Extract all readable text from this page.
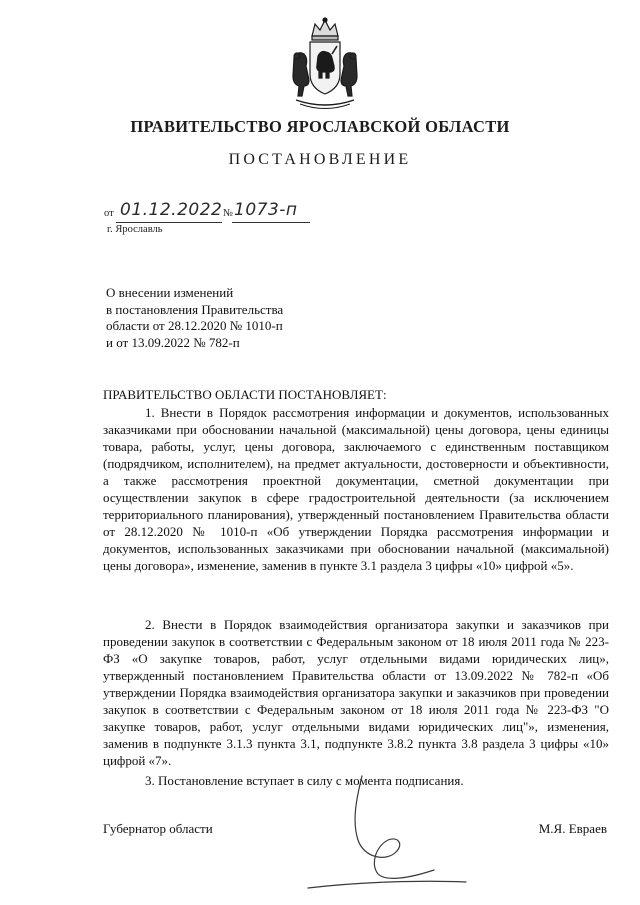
ПРАВИТЕЛЬСТВО ЯРОСЛАВСКОЙ ОБЛАСТИ
ПОСТАНОВЛЕНИЕ
от 01.12.2022 № 1073-п
г. Ярославль
О внесении изменений
в постановления Правительства
области от 28.12.2020 № 1010-п
и от 13.09.2022 № 782-п
ПРАВИТЕЛЬСТВО ОБЛАСТИ ПОСТАНОВЛЯЕТ:

1. Внести в Порядок рассмотрения информации и документов, использованных заказчиками при обосновании начальной (максимальной) цены договора, цены единицы товара, работы, услуг, цены договора, заключаемого с единственным поставщиком (подрядчиком, исполнителем), на предмет актуальности, достоверности и объективности, а также рассмотрения проектной документации, сметной документации при осуществлении закупок в сфере градостроительной деятельности (за исключением территориального планирования), утвержденный постановлением Правительства области от 28.12.2020 № 1010-п «Об утверждении Порядка рассмотрения информации и документов, использованных заказчиками при обосновании начальной (максимальной) цены договора», изменение, заменив в пункте 3.1 раздела 3 цифры «10» цифрой «5».

2. Внести в Порядок взаимодействия организатора закупки и заказчиков при проведении закупок в соответствии с Федеральным законом от 18 июля 2011 года № 223-ФЗ «О закупке товаров, работ, услуг отдельными видами юридических лиц», утвержденный постановлением Правительства области от 13.09.2022 № 782-п «Об утверждении Порядка взаимодействия организатора закупки и заказчиков при проведении закупок в соответствии с Федеральным законом от 18 июля 2011 года № 223-ФЗ "О закупке товаров, работ, услуг отдельными видами юридических лиц"», изменения, заменив в подпункте 3.1.3 пункта 3.1, подпункте 3.8.2 пункта 3.8 раздела 3 цифры «10» цифрой «7».

3. Постановление вступает в силу с момента подписания.

Губернатор области	М.Я. Евраев
